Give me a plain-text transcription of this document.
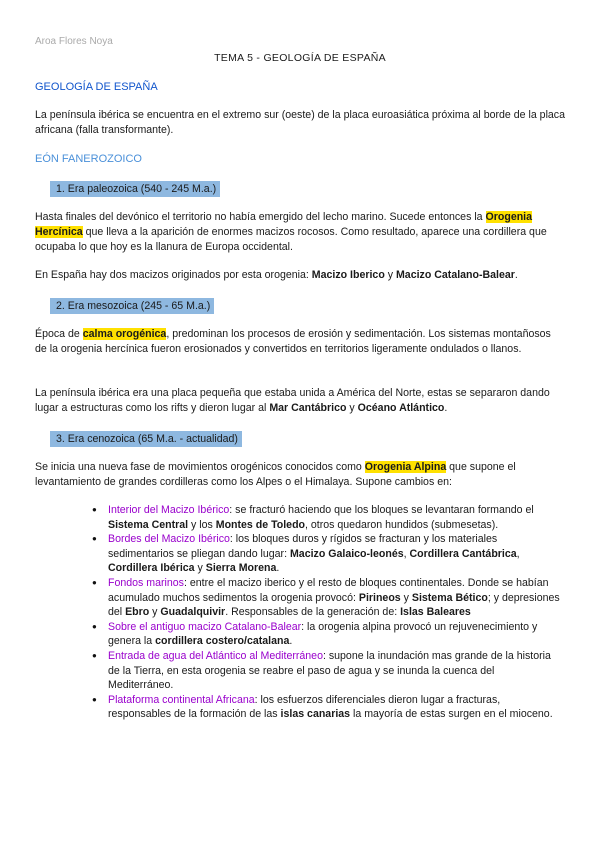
Aroa Flores Noya
TEMA 5 - GEOLOGÍA DE ESPAÑA
GEOLOGÍA DE ESPAÑA
La península ibérica se encuentra en el extremo sur (oeste) de la placa euroasiática próxima al borde de la placa africana (falla transformante).
EÓN FANEROZOICO
1. Era paleozoica (540 - 245 M.a.)
Hasta finales del devónico el territorio no había emergido del lecho marino. Sucede entonces la Orogenia Hercínica que lleva a la aparición de enormes macizos rocosos. Como resultado, aparece una cordillera que ocupaba lo que hoy es la llanura de Europa occidental.
En España hay dos macizos originados por esta orogenia: Macizo Iberico y Macizo Catalano-Balear.
2. Era mesozoica (245 - 65 M.a.)
Época de calma orogénica, predominan los procesos de erosión y sedimentación. Los sistemas montañosos de la orogenia hercínica fueron erosionados y convertidos en territorios ligeramente ondulados o llanos.
La península ibérica era una placa pequeña que estaba unida a América del Norte, estas se separaron dando lugar a estructuras como los rifts y dieron lugar al Mar Cantábrico y Océano Atlántico.
3. Era cenozoica (65 M.a. - actualidad)
Se inicia una nueva fase de movimientos orogénicos conocidos como Orogenia Alpina que supone el levantamiento de grandes cordilleras como los Alpes o el Himalaya. Supone cambios en:
● Interior del Macizo Ibérico: se fracturó haciendo que los bloques se levantaran formando el Sistema Central y los Montes de Toledo, otros quedaron hundidos (submesetas).
● Bordes del Macizo Ibérico: los bloques duros y rígidos se fracturan y los materiales sedimentarios se pliegan dando lugar: Macizo Galaico-leonés, Cordillera Cantábrica, Cordillera Ibérica y Sierra Morena.
● Fondos marinos: entre el macizo iberico y el resto de bloques continentales. Donde se habían acumulado muchos sedimentos la orogenia provocó: Pirineos y Sistema Bético; y depresiones del Ebro y Guadalquivir. Responsables de la generación de: Islas Baleares
● Sobre el antiguo macizo Catalano-Balear: la orogenia alpina provocó un rejuvenecimiento y genera la cordillera costero/catalana.
● Entrada de agua del Atlántico al Mediterráneo: supone la inundación mas grande de la historia de la Tierra, en esta orogenia se reabre el paso de agua y se inunda la cuenca del Mediterráneo.
● Plataforma continental Africana: los esfuerzos diferenciales dieron lugar a fracturas, responsables de la formación de las islas canarias la mayoría de estas surgen en el mioceno.
